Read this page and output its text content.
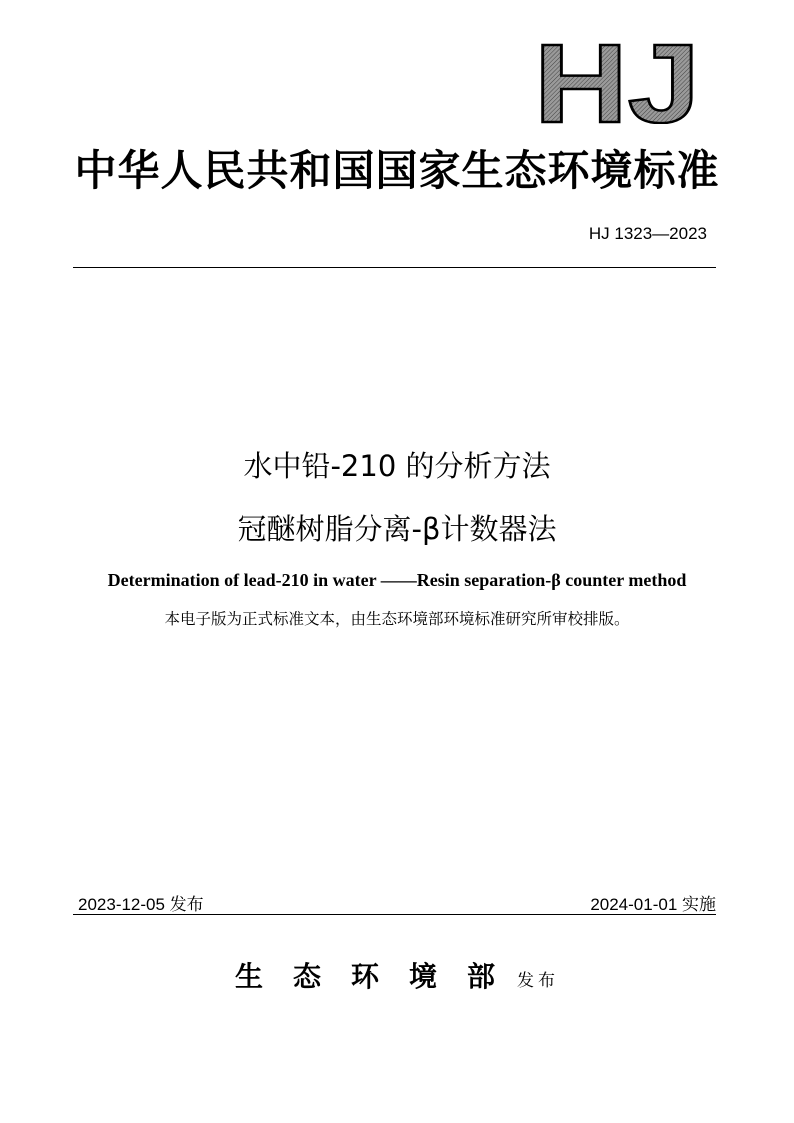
HJ
中华人民共和国国家生态环境标准
HJ 1323—2023
水中铅-210 的分析方法
冠醚树脂分离-β计数器法
Determination of lead-210 in water ——Resin separation-β counter method
本电子版为正式标准文本，由生态环境部环境标准研究所审校排版。
2023-12-05 发布	2024-01-01 实施
生态环境部发布
